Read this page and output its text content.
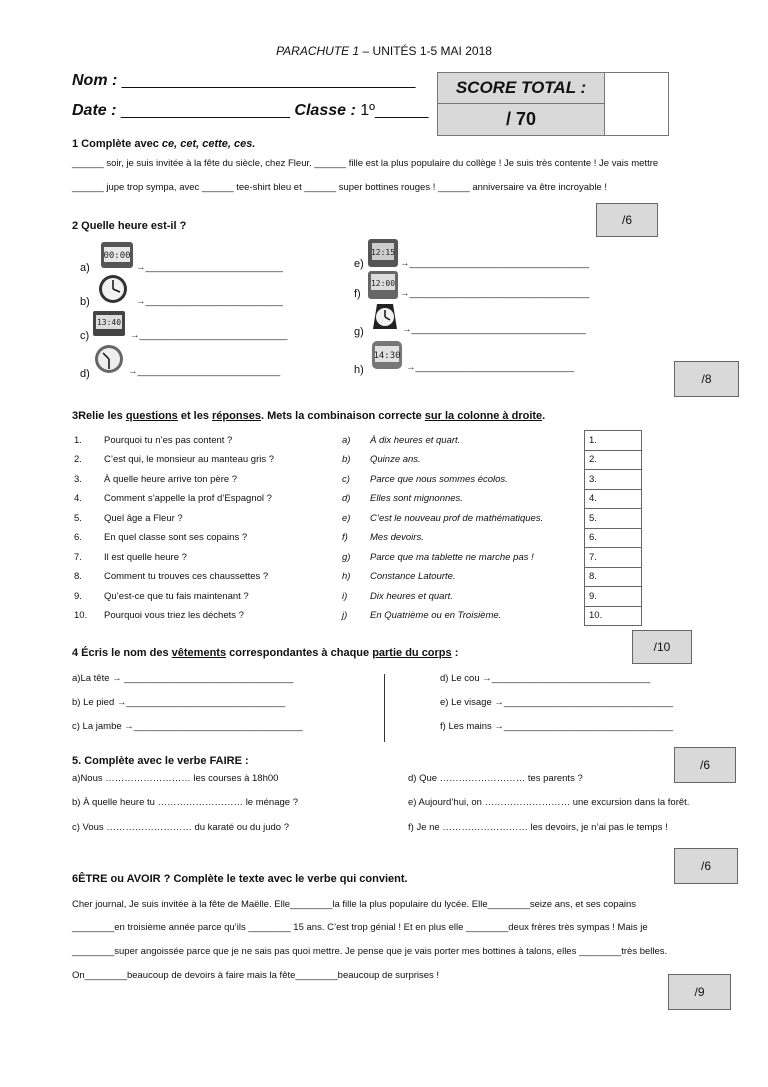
PARACHUTE 1 – UNITÉS 1-5 MAI 2018
Nom : _________________________________
Date : ___________________ Classe : 1º______
SCORE TOTAL :
/ 70
1 Complète avec ce, cet, cette, ces.
______ soir, je suis invitée à la fête du siècle, chez Fleur. ______ fille est la plus populaire du collège ! Je suis très contente ! Je vais mettre
______ jupe trop sympa, avec ______ tee-shirt bleu et ______ super bottines rouges ! ______ anniversaire va être incroyable !
2 Quelle heure est-il ?	/6
/8
a)
00:00
→__________________________
b)	→__________________________
c)
13:40
→____________________________
d)	→___________________________
e)
12:15
→__________________________________
f)
12:00
→__________________________________
g)	→_________________________________
h)
14:30
→______________________________
3Relie les questions et les réponses. Mets la combinaison correcte sur la colonne à droite.
1.	Pourquoi tu n’es pas content ?	a)	À dix heures et quart.	1.
2.	C’est qui, le monsieur au manteau gris ?	b)	Quinze ans.	2.
3.	À quelle heure arrive ton père ?	c)	Parce que nous sommes écolos.	3.
4.	Comment s’appelle la prof d’Espagnol ?	d)	Elles sont mignonnes.	4.
5.	Quel âge a Fleur ?	e)	C’est le nouveau prof de mathématiques.	5.
6.	En quel classe sont ses copains ?	f)	Mes devoirs.	6.
7.	Il est quelle heure ?	g)	Parce que ma tablette ne marche pas !	7.
8.	Comment tu trouves ces chaussettes ?	h)	Constance Latourte.	8.
9.	Qu’est-ce que tu fais maintenant ?	i)	Dix heures et quart.	9.
10.	Pourquoi vous triez les déchets ?	j)	En Quatrième ou en Troisième.	10.
4 Écris le nom des vêtements correspondantes à chaque partie du corps :	/10
a)La tête → ________________________________
b) Le pied →______________________________
c) La jambe →________________________________
d) Le cou →______________________________
e) Le visage →________________________________
f) Les mains →________________________________
5. Complète avec le verbe FAIRE :	/6
a)Nous ……………………… les courses à 18h00
b) À quelle heure tu ……………………… le ménage ?
c) Vous ……………………… du karaté ou du judo ?
d) Que ……………………… tes parents ?
e) Aujourd’hui, on ……………………… une excursion dans la forêt.
f) Je ne ……………………… les devoirs, je n’ai pas le temps !
/6
6ÊTRE ou AVOIR ? Complète le texte avec le verbe qui convient.
Cher journal, Je suis invitée à la fête de Maëlle. Elle________la fille la plus populaire du lycée. Elle________seize ans, et ses copains
________en troisième année parce qu’ils ________ 15 ans. C’est trop génial ! Et en plus elle ________deux frères très sympas ! Mais je
________super angoissée parce que je ne sais pas quoi mettre. Je pense que je vais porter mes bottines à talons, elles ________très belles.
On________beaucoup de devoirs à faire mais la fête________beaucoup de surprises !
/9
